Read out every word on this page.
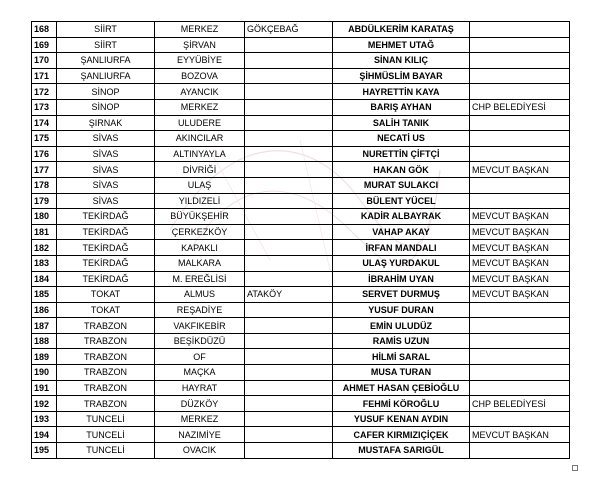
168	SİİRT	MERKEZ	GÖKÇEBAĞ	ABDÜLKERİM KARATAŞ	
169	SİİRT	ŞİRVAN		MEHMET UTAĞ	
170	ŞANLIURFA	EYYÜBİYE		SİNAN KILIÇ	
171	ŞANLIURFA	BOZOVA		ŞİHMÜSLİM BAYAR	
172	SİNOP	AYANCIK		HAYRETTİN KAYA	
173	SİNOP	MERKEZ		BARIŞ AYHAN	CHP BELEDİYESİ
174	ŞIRNAK	ULUDERE		SALİH TANIK	
175	SİVAS	AKINCILAR		NECATİ US	
176	SİVAS	ALTINYAYLA		NURETTİN ÇİFTÇİ	
177	SİVAS	DİVRİĞİ		HAKAN GÖK	MEVCUT BAŞKAN
178	SİVAS	ULAŞ		MURAT SULAKCI	
179	SİVAS	YILDIZELİ		BÜLENT YÜCEL	
180	TEKİRDAĞ	BÜYÜKŞEHİR		KADİR ALBAYRAK	MEVCUT BAŞKAN
181	TEKİRDAĞ	ÇERKEZKÖY		VAHAP AKAY	MEVCUT BAŞKAN
182	TEKİRDAĞ	KAPAKLI		İRFAN MANDALI	MEVCUT BAŞKAN
183	TEKİRDAĞ	MALKARA		ULAŞ YURDAKUL	MEVCUT BAŞKAN
184	TEKİRDAĞ	M. EREĞLİSİ		İBRAHİM UYAN	MEVCUT BAŞKAN
185	TOKAT	ALMUS	ATAKÖY	SERVET DURMUŞ	MEVCUT BAŞKAN
186	TOKAT	REŞADİYE		YUSUF DURAN	
187	TRABZON	VAKFIKEBİR		EMİN ULUDÜZ	
188	TRABZON	BEŞİKDÜZÜ		RAMİS UZUN	
189	TRABZON	OF		HİLMİ SARAL	
190	TRABZON	MAÇKA		MUSA TURAN	
191	TRABZON	HAYRAT		AHMET HASAN ÇEBİOĞLU	
192	TRABZON	DÜZKÖY		FEHMİ KÖROĞLU	CHP BELEDİYESİ
193	TUNCELİ	MERKEZ		YUSUF KENAN AYDIN	
194	TUNCELİ	NAZIMİYE		CAFER KIRMIZIÇİÇEK	MEVCUT BAŞKAN
195	TUNCELİ	OVACIK		MUSTAFA SARIGÜL	
